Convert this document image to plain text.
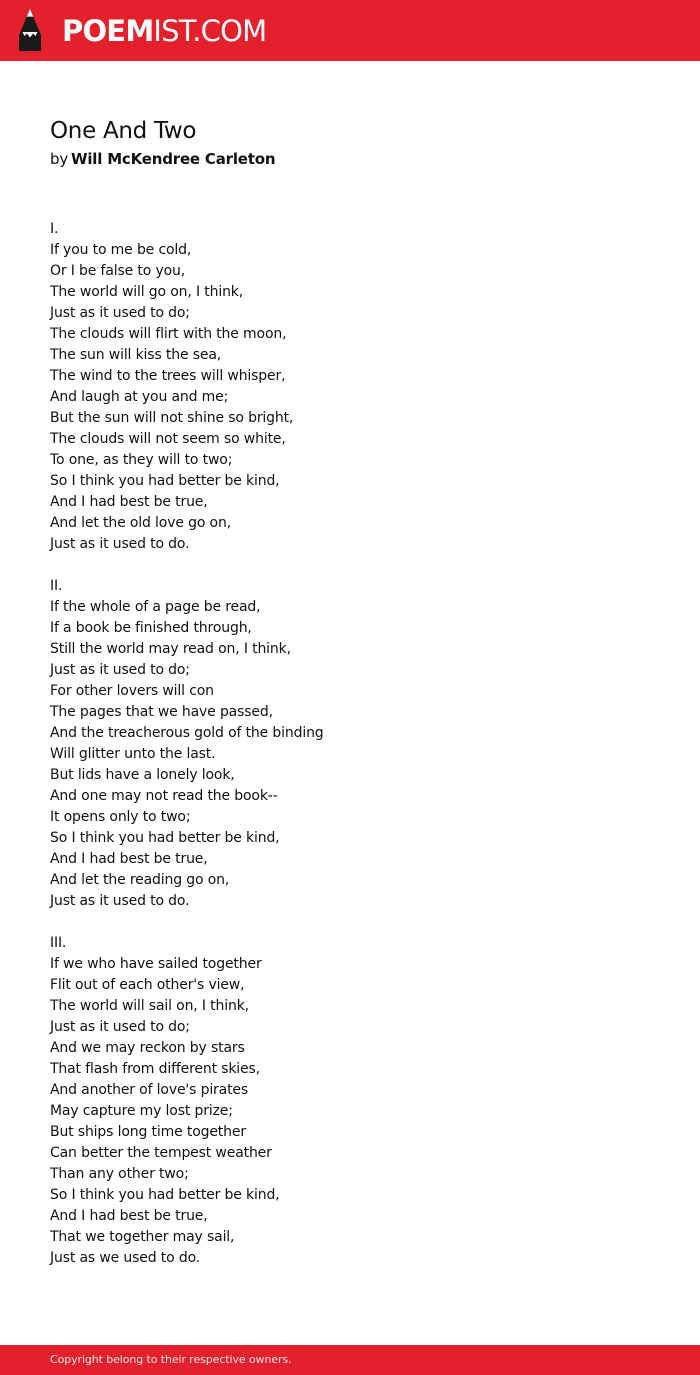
POEMIST.COM
One And Two
by Will McKendree Carleton
I.
If you to me be cold,
Or I be false to you,
The world will go on, I think,
Just as it used to do;
The clouds will flirt with the moon,
The sun will kiss the sea,
The wind to the trees will whisper,
And laugh at you and me;
But the sun will not shine so bright,
The clouds will not seem so white,
To one, as they will to two;
So I think you had better be kind,
And I had best be true,
And let the old love go on,
Just as it used to do.
II.
If the whole of a page be read,
If a book be finished through,
Still the world may read on, I think,
Just as it used to do;
For other lovers will con
The pages that we have passed,
And the treacherous gold of the binding
Will glitter unto the last.
But lids have a lonely look,
And one may not read the book--
It opens only to two;
So I think you had better be kind,
And I had best be true,
And let the reading go on,
Just as it used to do.
III.
If we who have sailed together
Flit out of each other's view,
The world will sail on, I think,
Just as it used to do;
And we may reckon by stars
That flash from different skies,
And another of love's pirates
May capture my lost prize;
But ships long time together
Can better the tempest weather
Than any other two;
So I think you had better be kind,
And I had best be true,
That we together may sail,
Just as we used to do.
Copyright belong to their respective owners.
